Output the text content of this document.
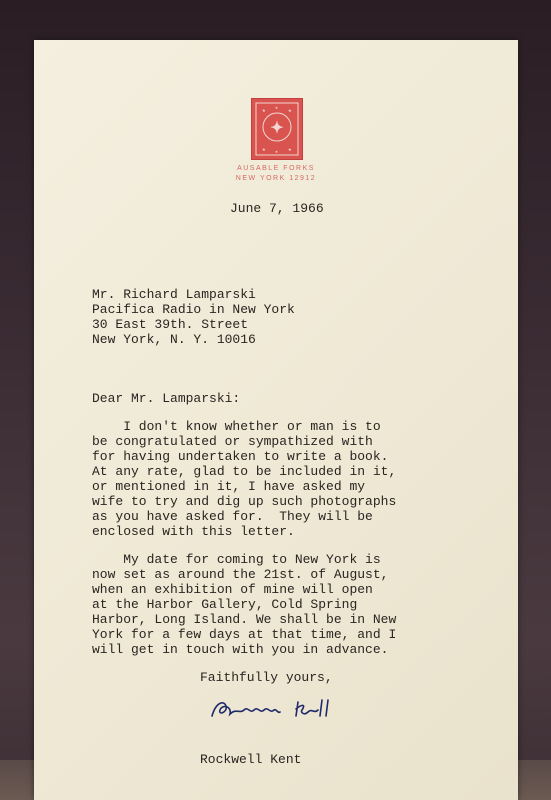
✦
★	★
★	★
★
★
AUSABLE FORKS
NEW YORK 12912
June 7, 1966
Mr. Richard Lamparski
Pacifica Radio in New York
30 East 39th. Street
New York, N. Y. 10016
Dear Mr. Lamparski:
I don't know whether or man is to
be congratulated or sympathized with
for having undertaken to write a book.
At any rate, glad to be included in it,
or mentioned in it, I have asked my
wife to try and dig up such photographs
as you have asked for.  They will be
enclosed with this letter.
My date for coming to New York is
now set as around the 21st. of August,
when an exhibition of mine will open
at the Harbor Gallery, Cold Spring
Harbor, Long Island. We shall be in New
York for a few days at that time, and I
will get in touch with you in advance.
Faithfully yours,
Rockwell Kent
